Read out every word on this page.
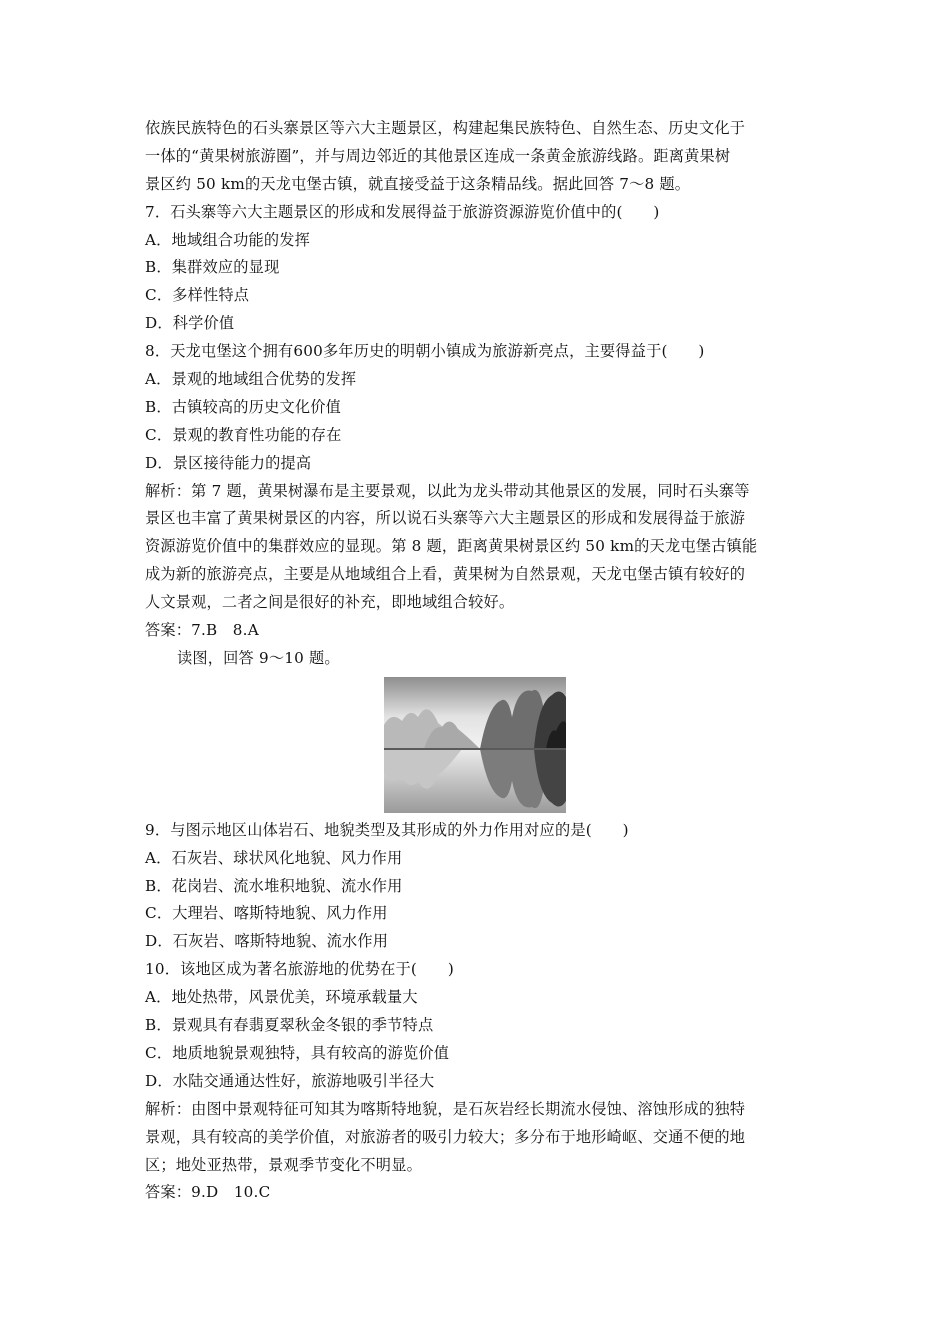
依族民族特色的石头寨景区等六大主题景区，构建起集民族特色、自然生态、历史文化于
一体的“黄果树旅游圈”，并与周边邻近的其他景区连成一条黄金旅游线路。距离黄果树
景区约 50 km的天龙屯堡古镇，就直接受益于这条精品线。据此回答 7～8 题。
7．石头寨等六大主题景区的形成和发展得益于旅游资源游览价值中的(　　)
A．地域组合功能的发挥
B．集群效应的显现
C．多样性特点
D．科学价值
8．天龙屯堡这个拥有600多年历史的明朝小镇成为旅游新亮点，主要得益于(　　)
A．景观的地域组合优势的发挥
B．古镇较高的历史文化价值
C．景观的教育性功能的存在
D．景区接待能力的提高
解析：第 7 题，黄果树瀑布是主要景观，以此为龙头带动其他景区的发展，同时石头寨等
景区也丰富了黄果树景区的内容，所以说石头寨等六大主题景区的形成和发展得益于旅游
资源游览价值中的集群效应的显现。第 8 题，距离黄果树景区约 50 km的天龙屯堡古镇能
成为新的旅游亮点，主要是从地域组合上看，黄果树为自然景观，天龙屯堡古镇有较好的
人文景观，二者之间是很好的补充，即地域组合较好。
答案：7.B　8.A
读图，回答 9～10 题。
9．与图示地区山体岩石、地貌类型及其形成的外力作用对应的是(　　)
A．石灰岩、球状风化地貌、风力作用
B．花岗岩、流水堆积地貌、流水作用
C．大理岩、喀斯特地貌、风力作用
D．石灰岩、喀斯特地貌、流水作用
10．该地区成为著名旅游地的优势在于(　　)
A．地处热带，风景优美，环境承载量大
B．景观具有春翡夏翠秋金冬银的季节特点
C．地质地貌景观独特，具有较高的游览价值
D．水陆交通通达性好，旅游地吸引半径大
解析：由图中景观特征可知其为喀斯特地貌，是石灰岩经长期流水侵蚀、溶蚀形成的独特
景观，具有较高的美学价值，对旅游者的吸引力较大；多分布于地形崎岖、交通不便的地
区；地处亚热带，景观季节变化不明显。
答案：9.D　10.C
